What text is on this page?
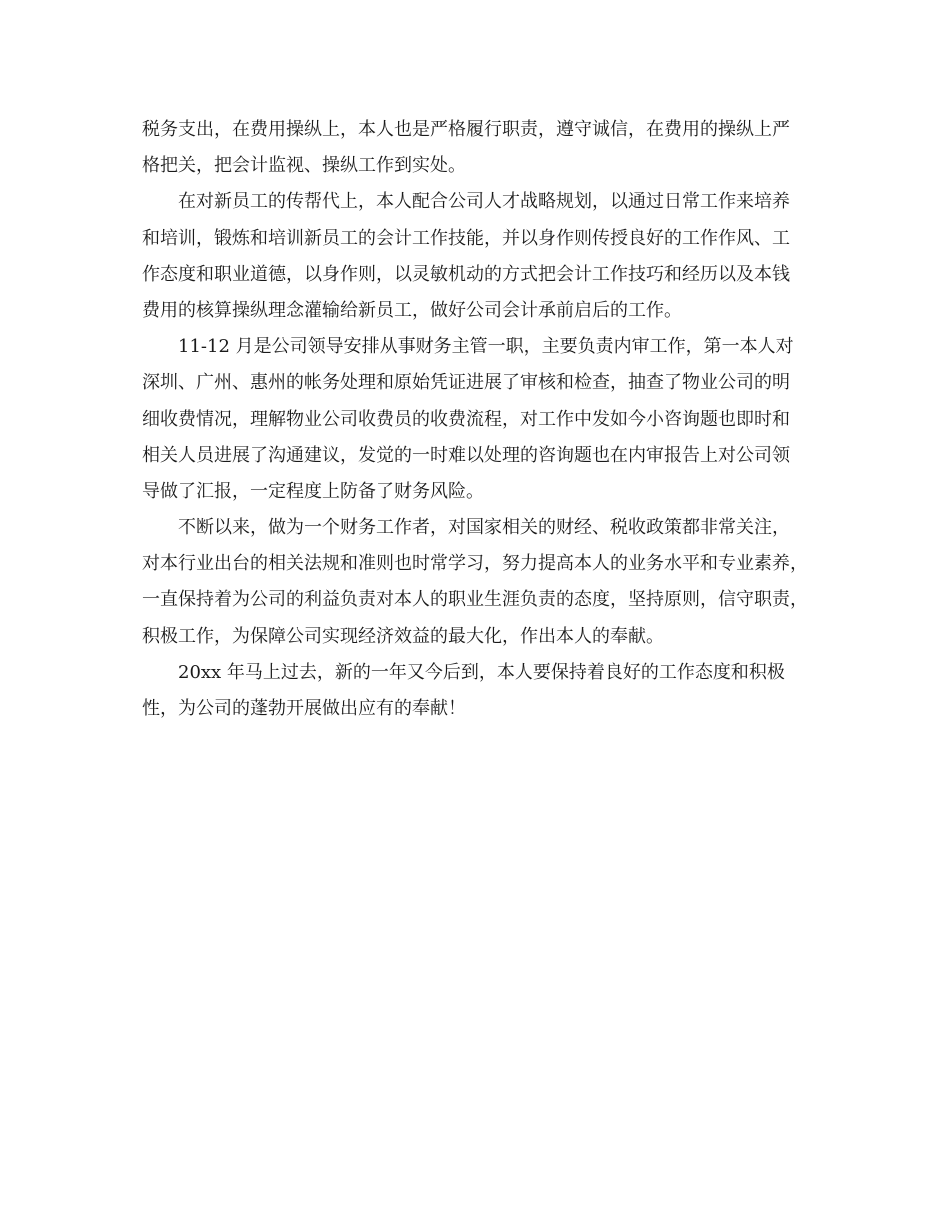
税务支出，在费用操纵上，本人也是严格履行职责，遵守诚信，在费用的操纵上严
格把关，把会计监视、操纵工作到实处。
在对新员工的传帮代上，本人配合公司人才战略规划，以通过日常工作来培养
和培训，锻炼和培训新员工的会计工作技能，并以身作则传授良好的工作作风、工
作态度和职业道德，以身作则，以灵敏机动的方式把会计工作技巧和经历以及本钱
费用的核算操纵理念灌输给新员工，做好公司会计承前启后的工作。
11-12 月是公司领导安排从事财务主管一职，主要负责内审工作，第一本人对
深圳、广州、惠州的帐务处理和原始凭证进展了审核和检查，抽查了物业公司的明
细收费情况，理解物业公司收费员的收费流程，对工作中发如今小咨询题也即时和
相关人员进展了沟通建议，发觉的一时难以处理的咨询题也在内审报告上对公司领
导做了汇报，一定程度上防备了财务风险。
不断以来，做为一个财务工作者，对国家相关的财经、税收政策都非常关注，
对本行业出台的相关法规和准则也时常学习，努力提高本人的业务水平和专业素养，
一直保持着为公司的利益负责对本人的职业生涯负责的态度，坚持原则，信守职责，
积极工作，为保障公司实现经济效益的最大化，作出本人的奉献。
20xx 年马上过去，新的一年又今后到，本人要保持着良好的工作态度和积极
性，为公司的蓬勃开展做出应有的奉献！
